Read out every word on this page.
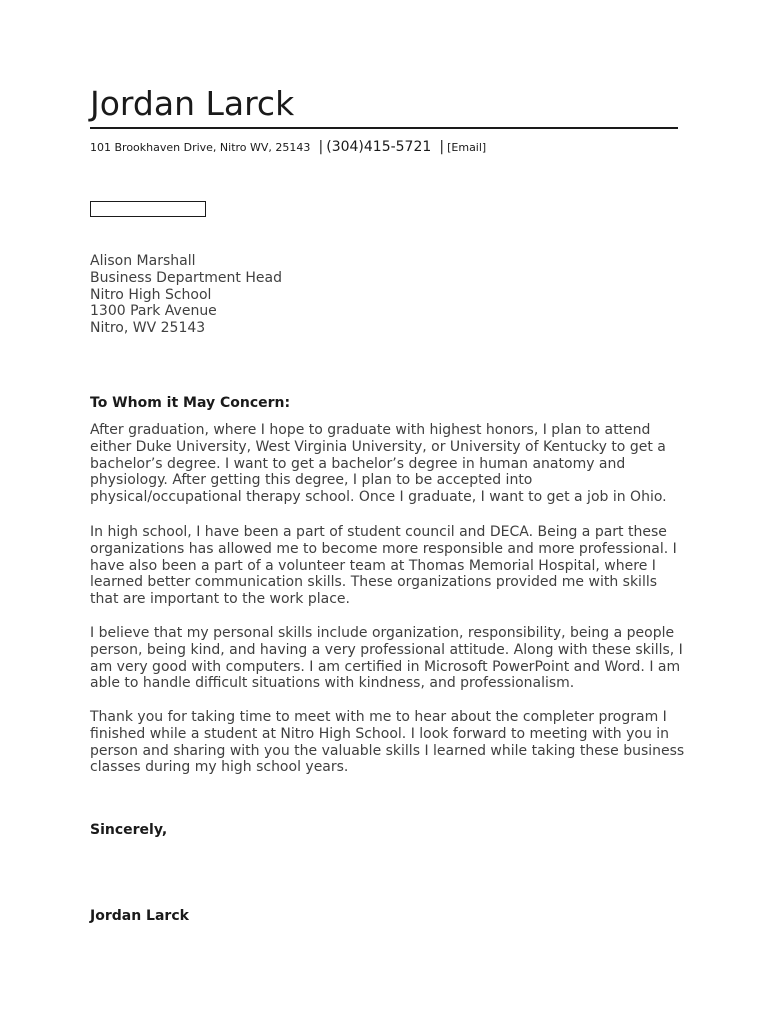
Jordan Larck
101 Brookhaven Drive, Nitro WV, 25143 | (304)415-5721 | [Email]
Alison Marshall
Business Department Head
Nitro High School
1300 Park Avenue
Nitro, WV 25143
To Whom it May Concern:
After graduation, where I hope to graduate with highest honors, I plan to attend
either Duke University, West Virginia University, or University of Kentucky to get a
bachelor’s degree. I want to get a bachelor’s degree in human anatomy and
physiology. After getting this degree, I plan to be accepted into
physical/occupational therapy school. Once I graduate, I want to get a job in Ohio.
In high school, I have been a part of student council and DECA. Being a part these
organizations has allowed me to become more responsible and more professional. I
have also been a part of a volunteer team at Thomas Memorial Hospital, where I
learned better communication skills. These organizations provided me with skills
that are important to the work place.
I believe that my personal skills include organization, responsibility, being a people
person, being kind, and having a very professional attitude. Along with these skills, I
am very good with computers. I am certified in Microsoft PowerPoint and Word. I am
able to handle difficult situations with kindness, and professionalism.
Thank you for taking time to meet with me to hear about the completer program I
finished while a student at Nitro High School. I look forward to meeting with you in
person and sharing with you the valuable skills I learned while taking these business
classes during my high school years.
Sincerely,
Jordan Larck
